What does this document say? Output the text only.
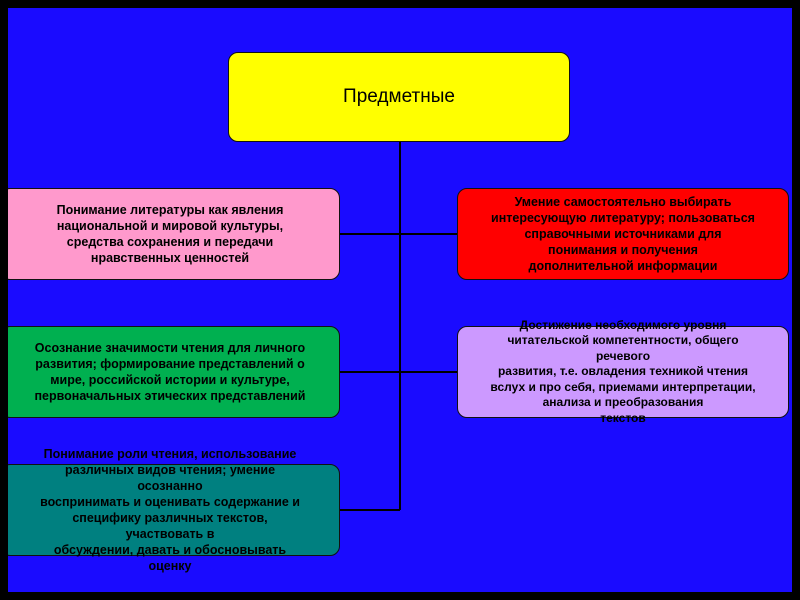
Предметные
Понимание литературы как явления
национальной и мировой культуры,
средства сохранения и передачи
нравственных ценностей
Осознание значимости чтения для личного
развития; формирование представлений о
мире, российской истории и культуре,
первоначальных этических представлений
Понимание роли чтения, использование
различных видов чтения; умение
осознанно
воспринимать и оценивать содержание и
специфику различных текстов,
участвовать в
обсуждении, давать и обосновывать
оценку
Умение самостоятельно выбирать
интересующую литературу; пользоваться
справочными источниками для
понимания и получения
дополнительной информации
Достижение необходимого уровня
читательской компетентности, общего
речевого
развития, т.е. овладения техникой чтения
вслух и про себя, приемами интерпретации,
анализа и преобразования
текстов
